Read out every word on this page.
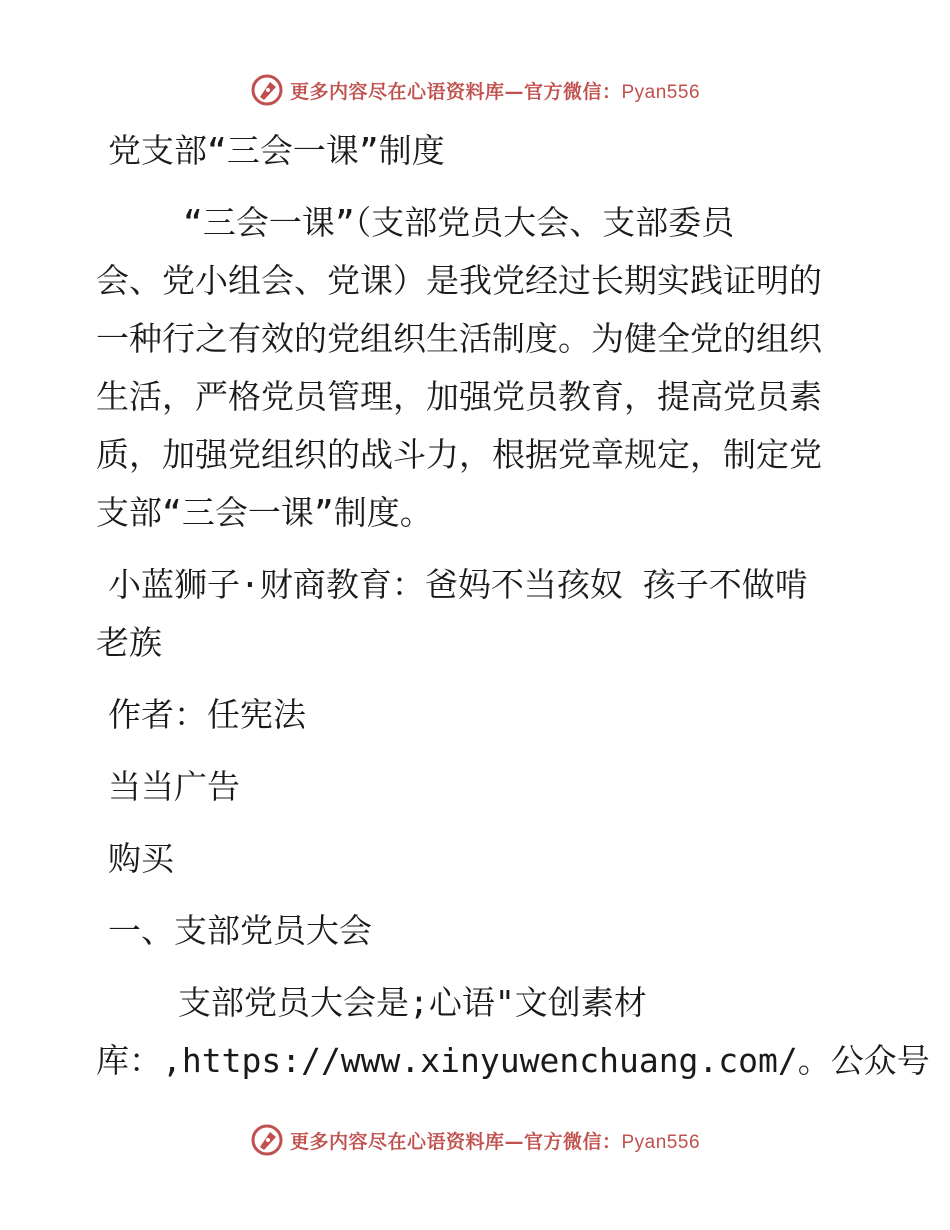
更多内容尽在心语资料库—官方微信：Pyan556

党支部“三会一课”制度

“三会一课”（支部党员大会、支部委员

会、党小组会、党课）是我党经过长期实践证明的

一种行之有效的党组织生活制度。为健全党的组织

生活，严格党员管理，加强党员教育，提高党员素

质，加强党组织的战斗力，根据党章规定，制定党

支部“三会一课”制度。

小蓝狮子·财商教育：爸妈不当孩奴 孩子不做啃

老族

作者：任宪法

当当广告

购买

一、支部党员大会

支部党员大会是;心语"文创素材

库：,https://www.xinyuwenchuang.com/。公众号

更多内容尽在心语资料库—官方微信：Pyan556
